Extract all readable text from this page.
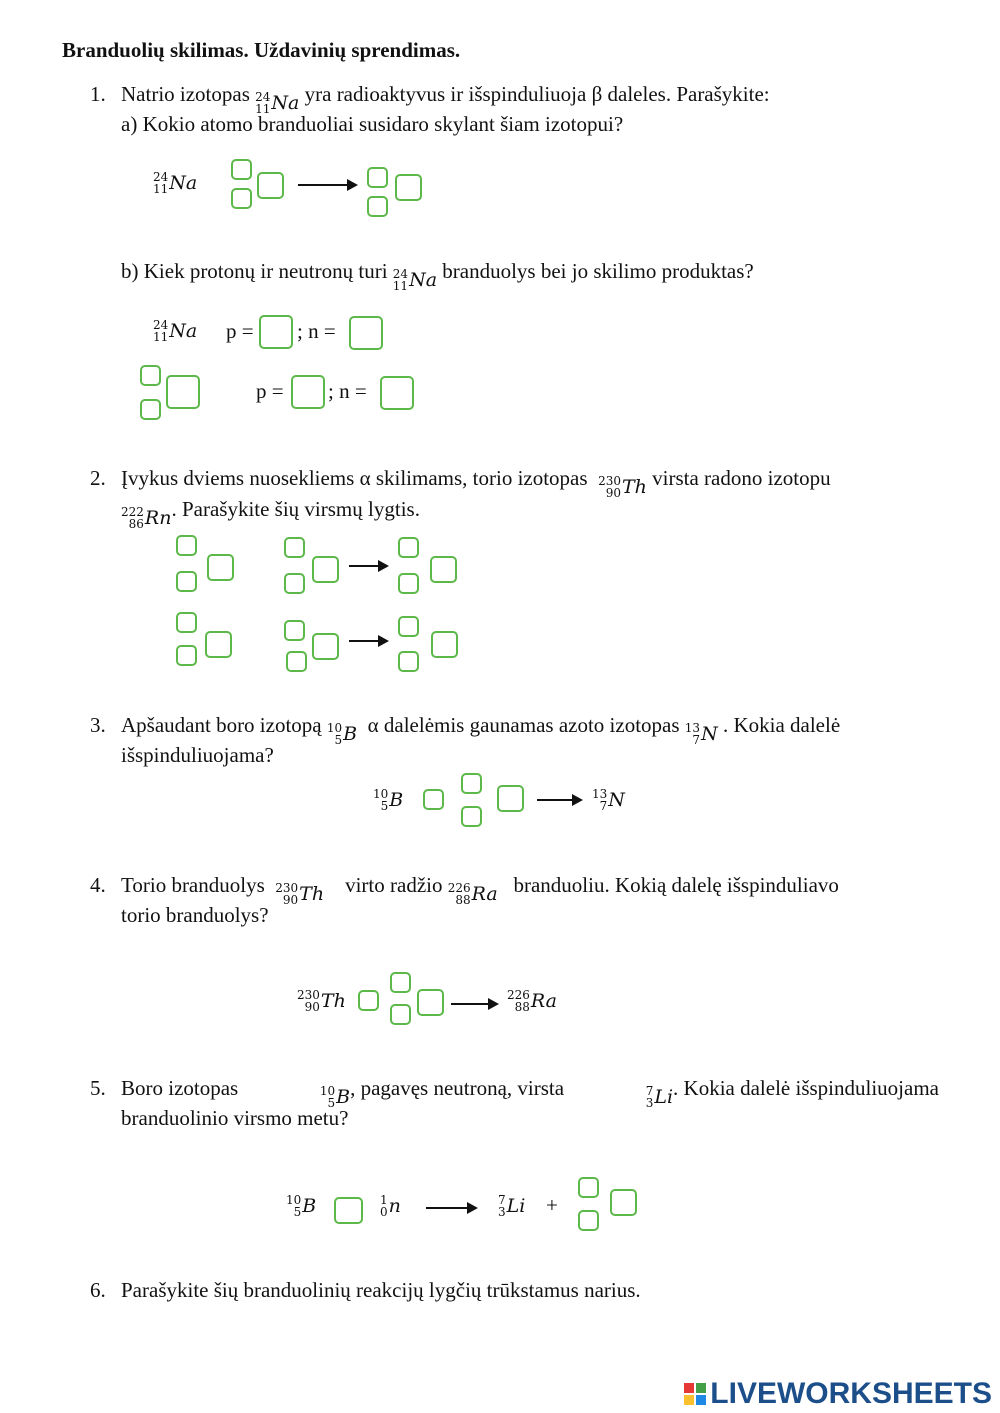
Branduolių skilimas. Uždavinių sprendimas.
1. Natrio izotopas 24
11 Na yra radioaktyvus ir išspinduliuoja β daleles. Parašykite:
a) Kokio atomo branduoliai susidaro skylant šiam izotopui?
24
11 Na
b) Kiek protonų ir neutronų turi 24
11 Na branduolys bei jo skilimo produktas?
24
11 Na p = ; n =
p = ; n =
2. Įvykus dviems nuosekliems α skilimams, torio izotopas 230
90 Th virsta radono izotopu
222
86 Rn . Parašykite šių virsmų lygtis.
3. Apšaudant boro izotopą 10
5 B α dalelėmis gaunamas azoto izotopas 13
7 N . Kokia dalelė
išspinduliuojama?
10
5 B	→ 13
7 N
4. Torio branduolys 230
90 Th virto radžio 226
88 Ra branduoliu. Kokią dalelę išspinduliavo
torio branduolys?
230
90 Th	226
88 Ra
5. Boro izotopas	10
5 B , pagavęs neutroną, virsta	7
3 Li . Kokia dalelė išspinduliuojama
branduolinio virsmo metu?
10
5 B	1
0 n	7
3 Li +
6. Parašykite šių branduolinių reakcijų lygčių trūkstamus narius.
LIVEWORKSHEETS
